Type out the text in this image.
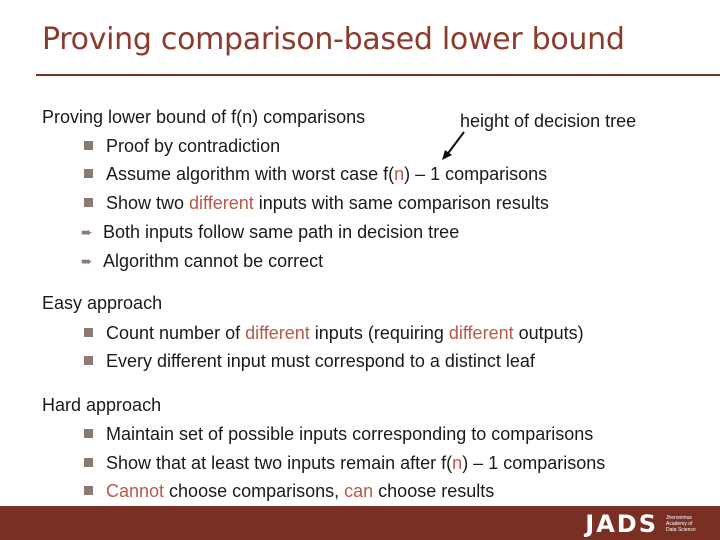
Proving comparison-based lower bound
Proving lower bound of f(n) comparisons	height of decision tree
Proof by contradiction
Assume algorithm with worst case f(n) – 1 comparisons
Show two different inputs with same comparison results
➨ Both inputs follow same path in decision tree
➨ Algorithm cannot be correct
Easy approach
Count number of different inputs (requiring different outputs)
Every different input must correspond to a distinct leaf
Hard approach
Maintain set of possible inputs corresponding to comparisons
Show that at least two inputs remain after f(n) – 1 comparisons
Cannot choose comparisons, can choose results
JADS Jheronimus Academy of Data Science
